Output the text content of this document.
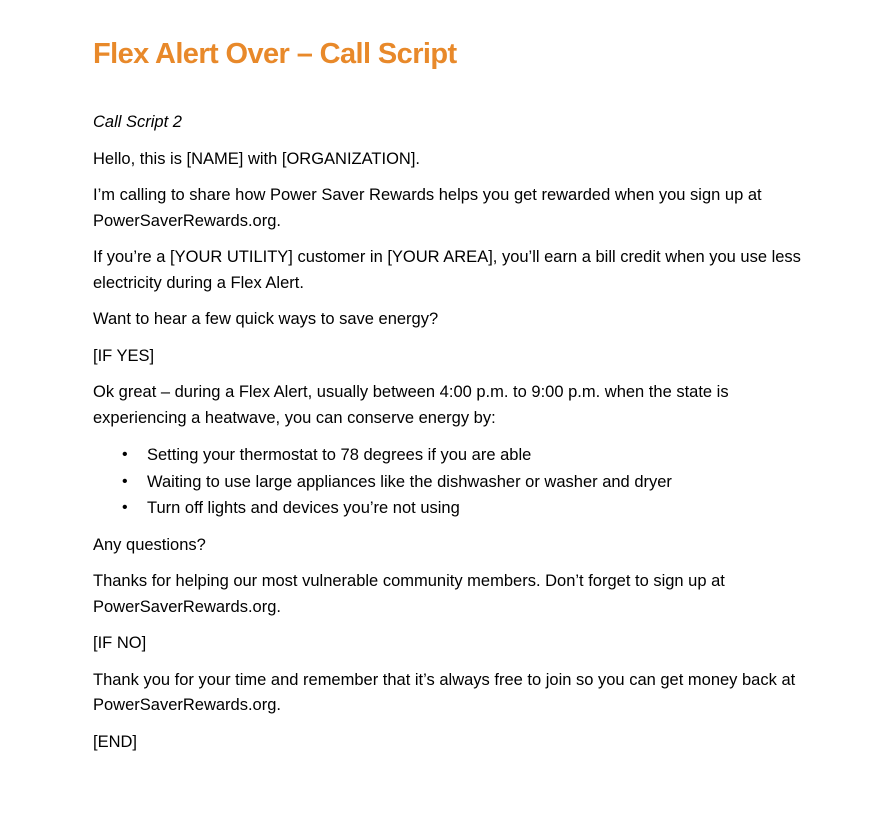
Flex Alert Over – Call Script

Call Script 2

Hello, this is [NAME] with [ORGANIZATION].

I’m calling to share how Power Saver Rewards helps you get rewarded when you sign up at PowerSaverRewards.org.

If you’re a [YOUR UTILITY] customer in [YOUR AREA], you’ll earn a bill credit when you use less electricity during a Flex Alert.

Want to hear a few quick ways to save energy?

[IF YES]

Ok great – during a Flex Alert, usually between 4:00 p.m. to 9:00 p.m. when the state is experiencing a heatwave, you can conserve energy by:

• Setting your thermostat to 78 degrees if you are able
• Waiting to use large appliances like the dishwasher or washer and dryer
• Turn off lights and devices you’re not using

Any questions?

Thanks for helping our most vulnerable community members. Don’t forget to sign up at PowerSaverRewards.org.

[IF NO]

Thank you for your time and remember that it’s always free to join so you can get money back at PowerSaverRewards.org.

[END]
